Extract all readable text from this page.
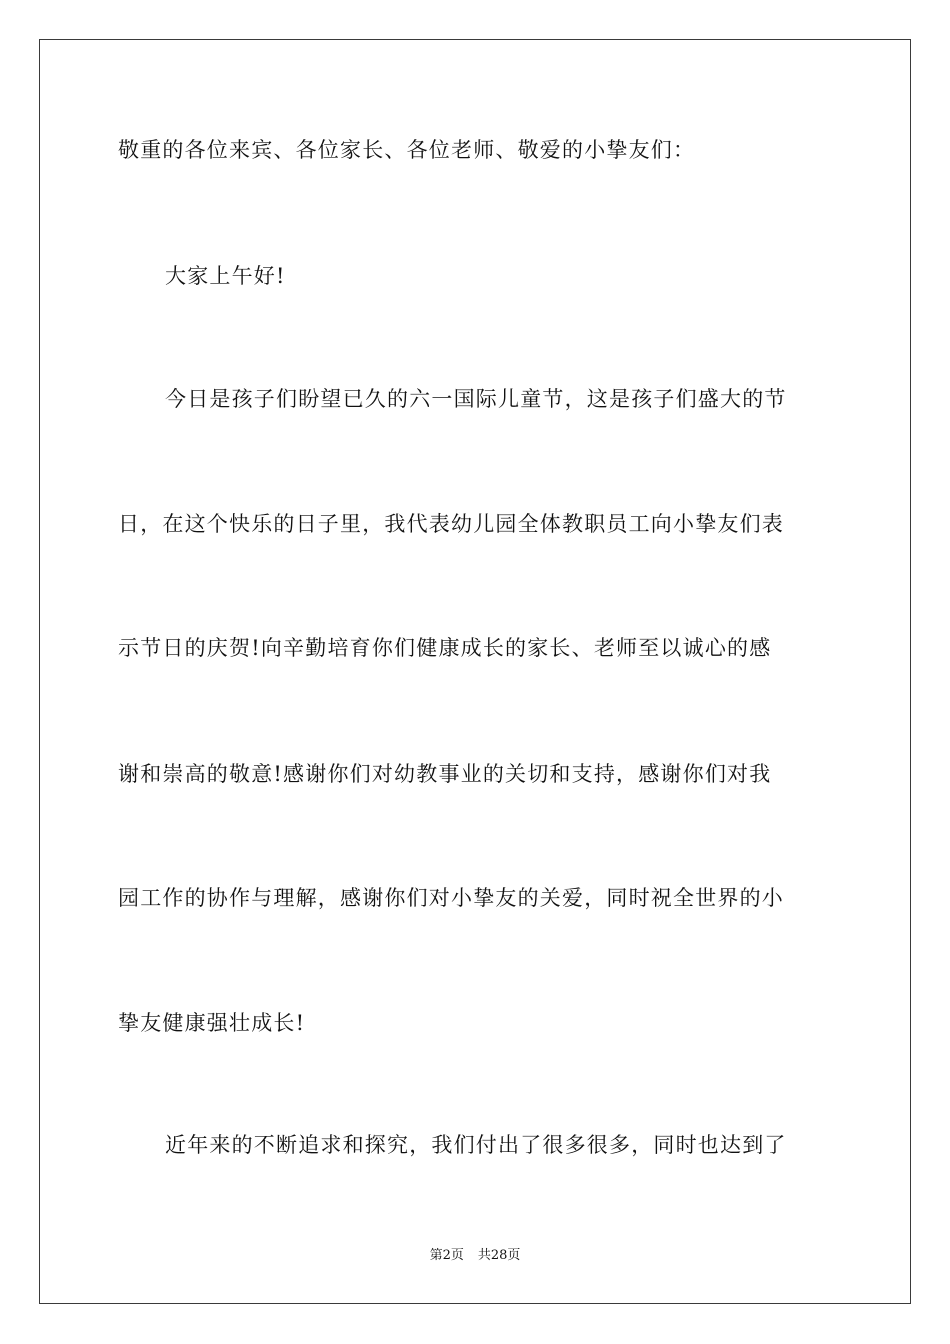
敬重的各位来宾、各位家长、各位老师、敬爱的小挚友们：
大家上午好!
今日是孩子们盼望已久的六一国际儿童节，这是孩子们盛大的节
日，在这个快乐的日子里，我代表幼儿园全体教职员工向小挚友们表
示节日的庆贺!向辛勤培育你们健康成长的家长、老师至以诚心的感
谢和崇高的敬意!感谢你们对幼教事业的关切和支持，感谢你们对我
园工作的协作与理解，感谢你们对小挚友的关爱，同时祝全世界的小
挚友健康强壮成长!
近年来的不断追求和探究，我们付出了很多很多，同时也达到了
第2页 共28页
